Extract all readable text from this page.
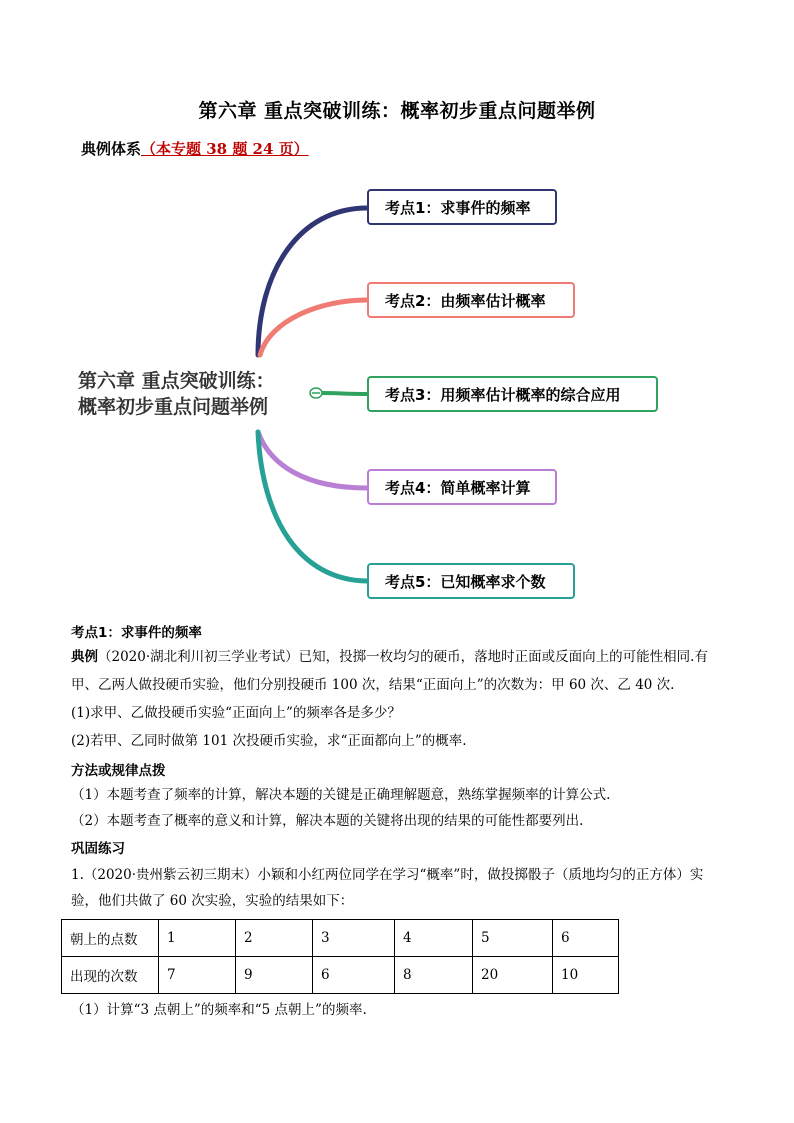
第六章 重点突破训练：概率初步重点问题举例
典例体系（本专题 38 题 24 页）
第六章 重点突破训练：
概率初步重点问题举例
考点1：求事件的频率
考点2：由频率估计概率
考点3：用频率估计概率的综合应用
考点4：简单概率计算
考点5：已知概率求个数
考点1：求事件的频率
典例（2020·湖北利川初三学业考试）已知，投掷一枚均匀的硬币，落地时正面或反面向上的可能性相同.有
甲、乙两人做投硬币实验，他们分别投硬币 100 次，结果“正面向上”的次数为：甲 60 次、乙 40 次.
(1)求甲、乙做投硬币实验“正面向上”的频率各是多少？
(2)若甲、乙同时做第 101 次投硬币实验，求“正面都向上”的概率.
方法或规律点拨
（1）本题考查了频率的计算，解决本题的关键是正确理解题意，熟练掌握频率的计算公式.
（2）本题考查了概率的意义和计算，解决本题的关键将出现的结果的可能性都要列出.
巩固练习
1.（2020·贵州紫云初三期末）小颖和小红两位同学在学习“概率”时，做投掷骰子（质地均匀的正方体）实
验，他们共做了 60 次实验，实验的结果如下：
朝上的点数	1	2	3	4	5	6
出现的次数	7	9	6	8	20	10
（1）计算“3 点朝上”的频率和“5 点朝上”的频率.
